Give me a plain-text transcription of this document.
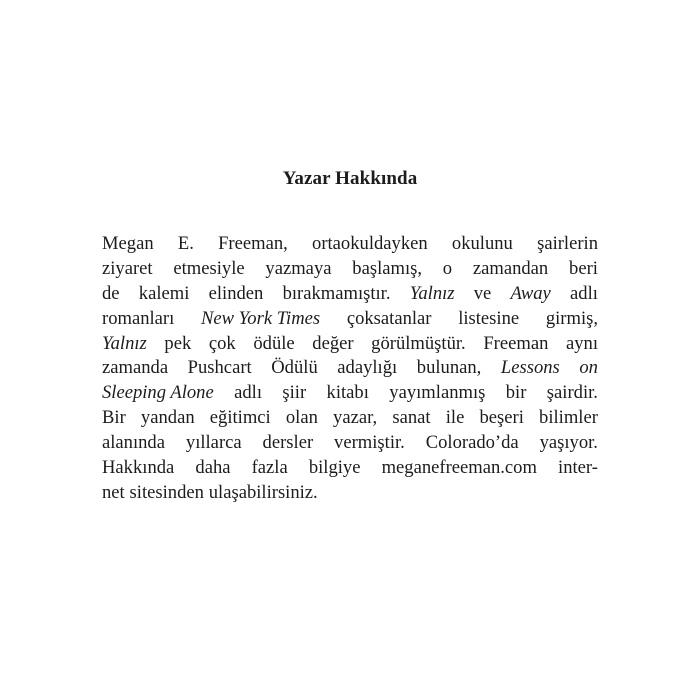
Yazar Hakkında
Megan E. Freeman, ortaokuldayken okulunu şairlerin
ziyaret etmesiyle yazmaya başlamış, o zamandan beri
de kalemi elinden bırakmamıştır. Yalnız ve Away adlı
romanları New York Times çoksatanlar listesine girmiş,
Yalnız pek çok ödüle değer görülmüştür. Freeman aynı
zamanda Pushcart Ödülü adaylığı bulunan, Lessons on
Sleeping Alone adlı şiir kitabı yayımlanmış bir şairdir.
Bir yandan eğitimci olan yazar, sanat ile beşeri bilimler
alanında yıllarca dersler vermiştir. Colorado’da yaşıyor.
Hakkında daha fazla bilgiye meganefreeman.com inter-
net sitesinden ulaşabilirsiniz.
